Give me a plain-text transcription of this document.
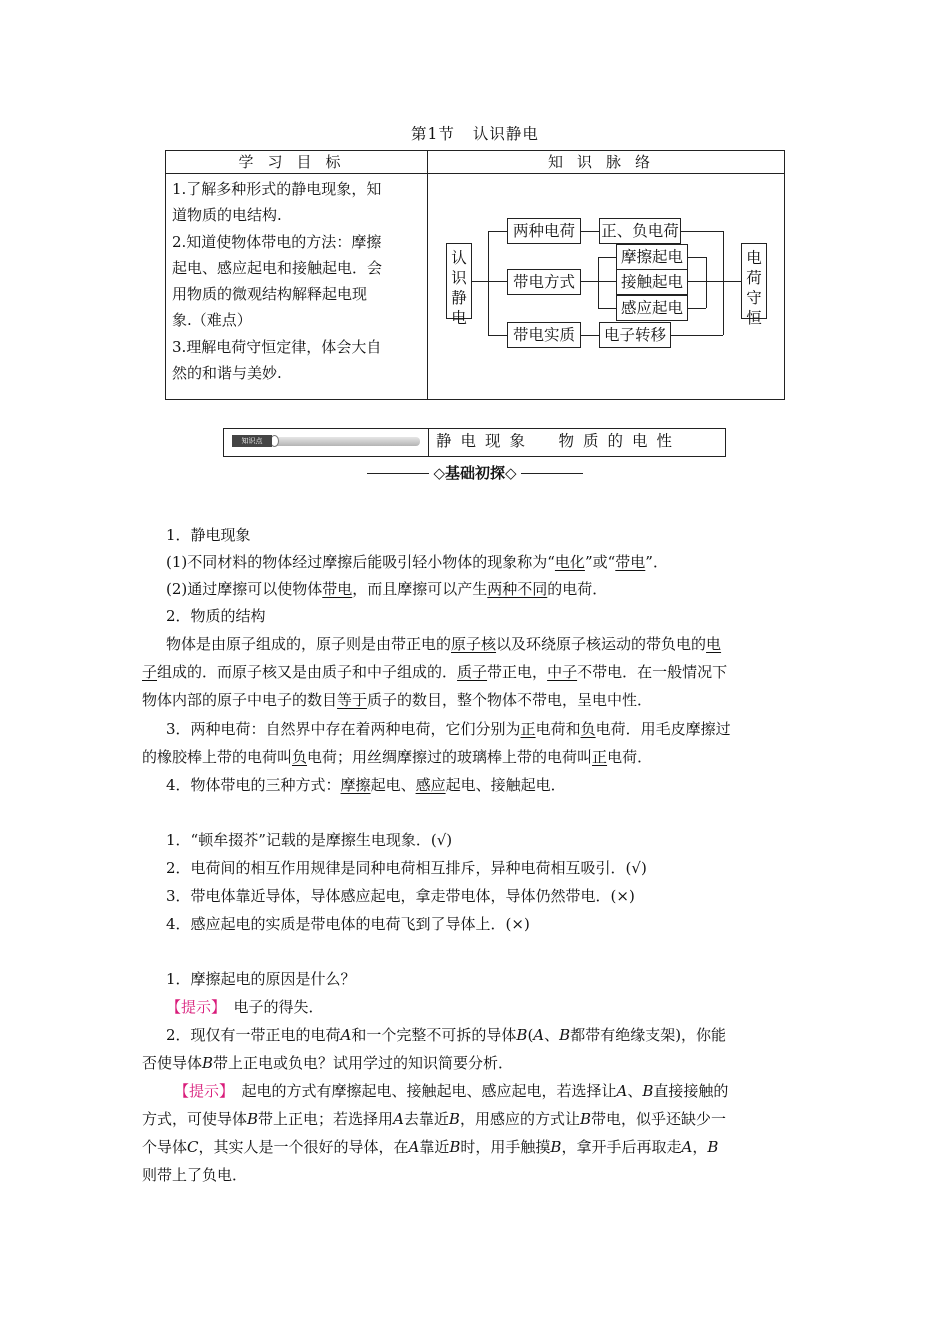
第1节 认识静电
学习目标	知识脉络
1.了解多种形式的静电现象，知
道物质的电结构.
2.知道使物体带电的方法：摩擦
起电、感应起电和接触起电．会
用物质的微观结构解释起电现
象.（难点）
3.理解电荷守恒定律，体会大自
然的和谐与美妙.
认
识
静
电
电
荷
守
恒
两种电荷
带电方式
带电实质
正、负电荷
摩擦起电
接触起电
感应起电
电子转移
知识点	静电现象　物质的电性
◇基础初探◇
1．静电现象
(1)不同材料的物体经过摩擦后能吸引轻小物体的现象称为“电化”或“带电”．
(2)通过摩擦可以使物体带电，而且摩擦可以产生两种不同的电荷．
2．物质的结构
物体是由原子组成的，原子则是由带正电的原子核以及环绕原子核运动的带负电的电
子组成的．而原子核又是由质子和中子组成的．质子带正电，中子不带电．在一般情况下
物体内部的原子中电子的数目等于质子的数目，整个物体不带电，呈电中性．
3．两种电荷：自然界中存在着两种电荷，它们分别为正电荷和负电荷．用毛皮摩擦过
的橡胶棒上带的电荷叫负电荷；用丝绸摩擦过的玻璃棒上带的电荷叫正电荷．
4．物体带电的三种方式：摩擦起电、感应起电、接触起电．
1．“顿牟掇芥”记载的是摩擦生电现象．(√)
2．电荷间的相互作用规律是同种电荷相互排斥，异种电荷相互吸引．(√)
3．带电体靠近导体，导体感应起电，拿走带电体，导体仍然带电．(×)
4．感应起电的实质是带电体的电荷飞到了导体上．(×)
1．摩擦起电的原因是什么？
【提示】　电子的得失．
2．现仅有一带正电的电荷A和一个完整不可拆的导体B(A、B都带有绝缘支架)，你能
否使导体B带上正电或负电？试用学过的知识简要分析．
【提示】　起电的方式有摩擦起电、接触起电、感应起电，若选择让A、B直接接触的
方式，可使导体B带上正电；若选择用A去靠近B，用感应的方式让B带电，似乎还缺少一
个导体C，其实人是一个很好的导体，在A靠近B时，用手触摸B，拿开手后再取走A，B
则带上了负电．
